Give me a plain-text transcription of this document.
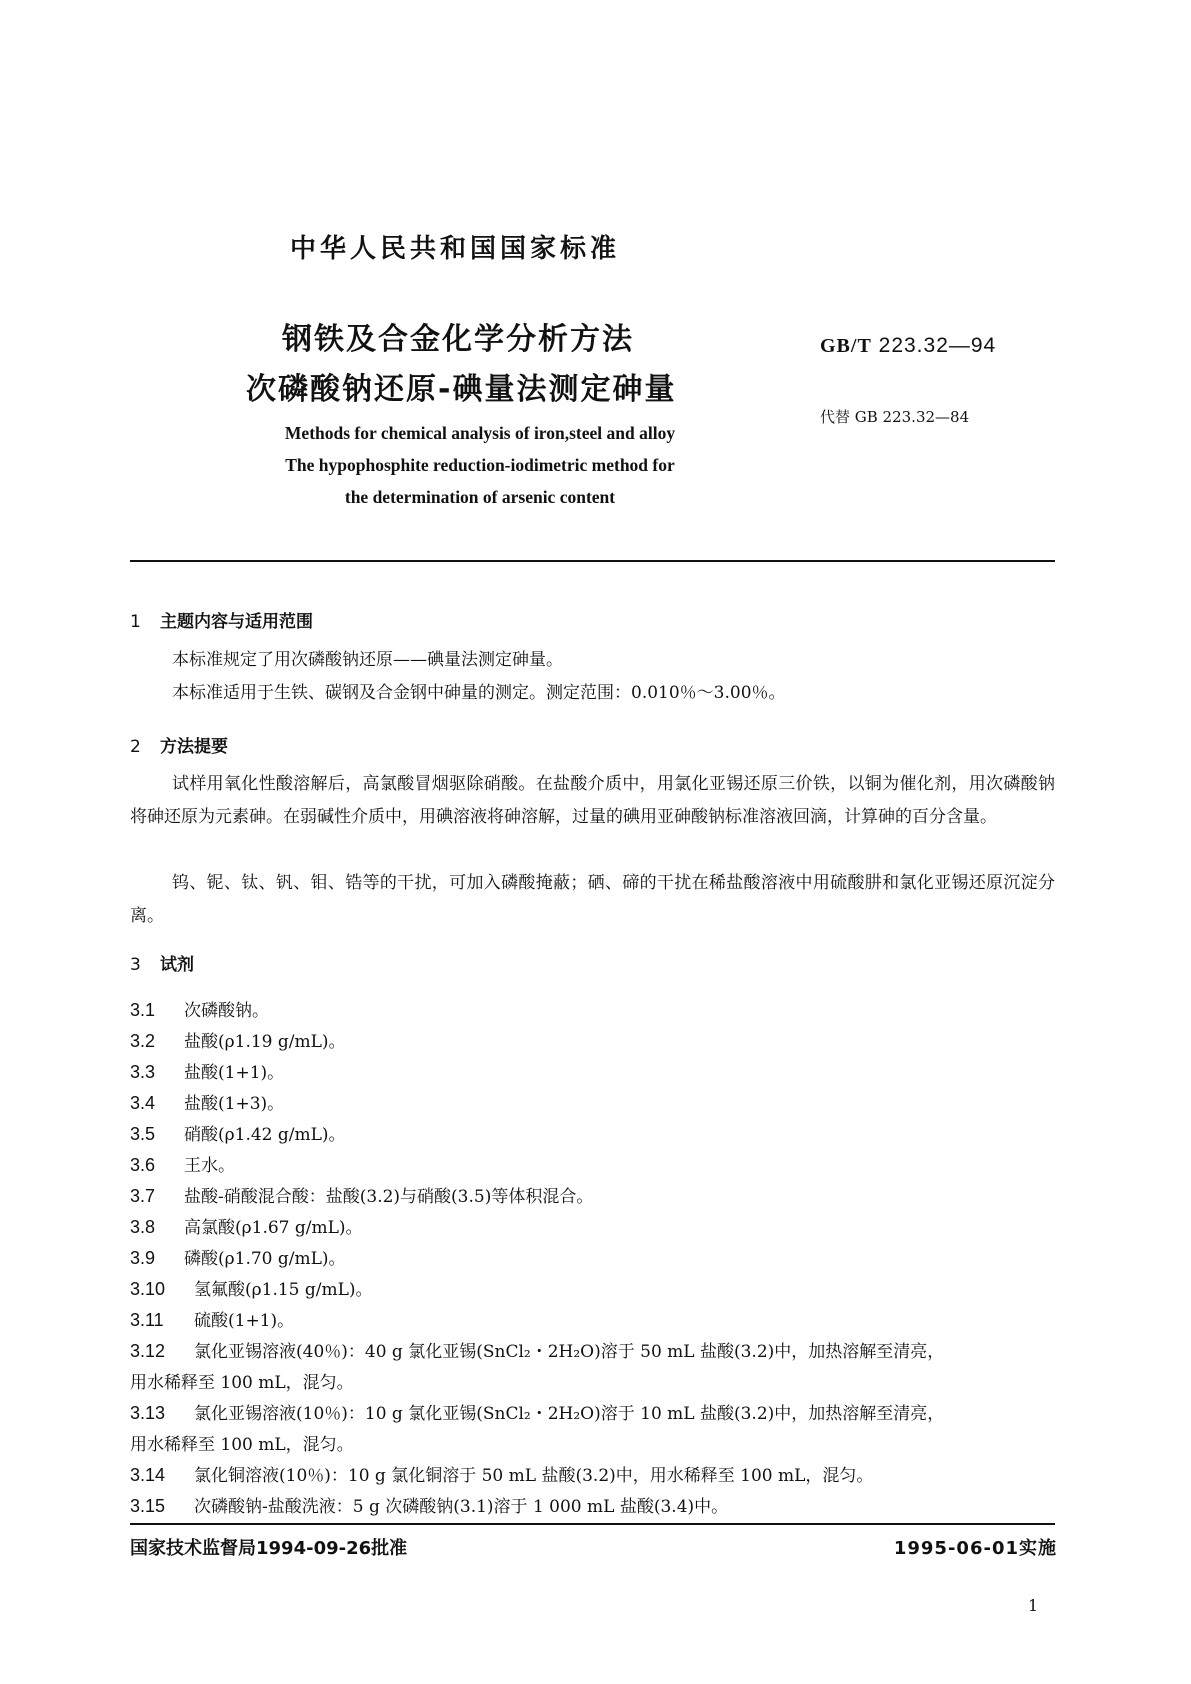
中华人民共和国国家标准
钢铁及合金化学分析方法
次磷酸钠还原-碘量法测定砷量
Methods for chemical analysis of iron,steel and alloy
The hypophosphite reduction-iodimetric method for
the determination of arsenic content
GB/T 223.32—94
代替 GB 223.32—84
1 主题内容与适用范围
本标准规定了用次磷酸钠还原——碘量法测定砷量。
本标准适用于生铁、碳钢及合金钢中砷量的测定。测定范围：0.010％～3.00％。
2 方法提要
试样用氧化性酸溶解后，高氯酸冒烟驱除硝酸。在盐酸介质中，用氯化亚锡还原三价铁，以铜为催化剂，用次磷酸钠将砷还原为元素砷。在弱碱性介质中，用碘溶液将砷溶解，过量的碘用亚砷酸钠标准溶液回滴，计算砷的百分含量。
钨、铌、钛、钒、钼、锆等的干扰，可加入磷酸掩蔽；硒、碲的干扰在稀盐酸溶液中用硫酸肼和氯化亚锡还原沉淀分离。
3 试剂
3.1 次磷酸钠。
3.2 盐酸(ρ1.19 g/mL)。
3.3 盐酸(1+1)。
3.4 盐酸(1+3)。
3.5 硝酸(ρ1.42 g/mL)。
3.6 王水。
3.7 盐酸-硝酸混合酸：盐酸(3.2)与硝酸(3.5)等体积混合。
3.8 高氯酸(ρ1.67 g/mL)。
3.9 磷酸(ρ1.70 g/mL)。
3.10 氢氟酸(ρ1.15 g/mL)。
3.11 硫酸(1+1)。
3.12 氯化亚锡溶液(40％)：40 g 氯化亚锡(SnCl₂・2H₂O)溶于 50 mL 盐酸(3.2)中，加热溶解至清亮，
用水稀释至 100 mL，混匀。
3.13 氯化亚锡溶液(10％)：10 g 氯化亚锡(SnCl₂・2H₂O)溶于 10 mL 盐酸(3.2)中，加热溶解至清亮，
用水稀释至 100 mL，混匀。
3.14 氯化铜溶液(10％)：10 g 氯化铜溶于 50 mL 盐酸(3.2)中，用水稀释至 100 mL，混匀。
3.15 次磷酸钠-盐酸洗液：5 g 次磷酸钠(3.1)溶于 1 000 mL 盐酸(3.4)中。
国家技术监督局1994-09-26批准	1995-06-01实施
1
